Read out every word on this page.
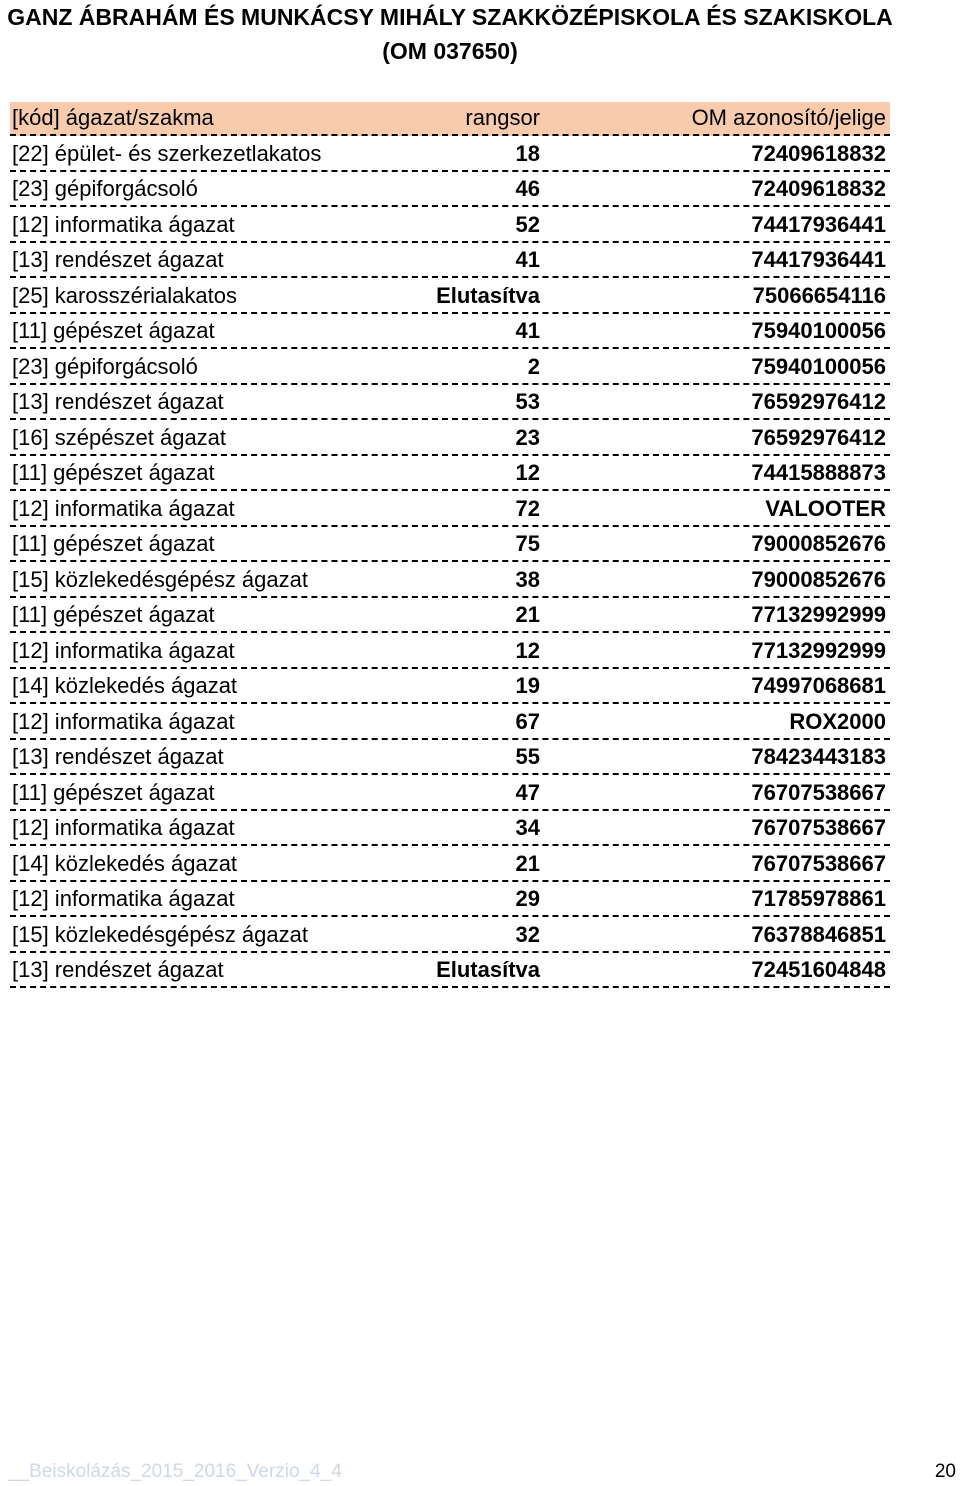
GANZ ÁBRAHÁM ÉS MUNKÁCSY MIHÁLY SZAKKÖZÉPISKOLA ÉS SZAKISKOLA
(OM 037650)
[kód] ágazat/szakma	rangsor	OM azonosító/jelige
[22] épület- és szerkezetlakatos	18	72409618832
[23] gépiforgácsoló	46	72409618832
[12] informatika ágazat	52	74417936441
[13] rendészet ágazat	41	74417936441
[25] karosszérialakatos	Elutasítva	75066654116
[11] gépészet ágazat	41	75940100056
[23] gépiforgácsoló	2	75940100056
[13] rendészet ágazat	53	76592976412
[16] szépészet ágazat	23	76592976412
[11] gépészet ágazat	12	74415888873
[12] informatika ágazat	72	VALOOTER
[11] gépészet ágazat	75	79000852676
[15] közlekedésgépész ágazat	38	79000852676
[11] gépészet ágazat	21	77132992999
[12] informatika ágazat	12	77132992999
[14] közlekedés ágazat	19	74997068681
[12] informatika ágazat	67	ROX2000
[13] rendészet ágazat	55	78423443183
[11] gépészet ágazat	47	76707538667
[12] informatika ágazat	34	76707538667
[14] közlekedés ágazat	21	76707538667
[12] informatika ágazat	29	71785978861
[15] közlekedésgépész ágazat	32	76378846851
[13] rendészet ágazat	Elutasítva	72451604848
__Beiskolázás_2015_2016_Verzio_4_4	20
